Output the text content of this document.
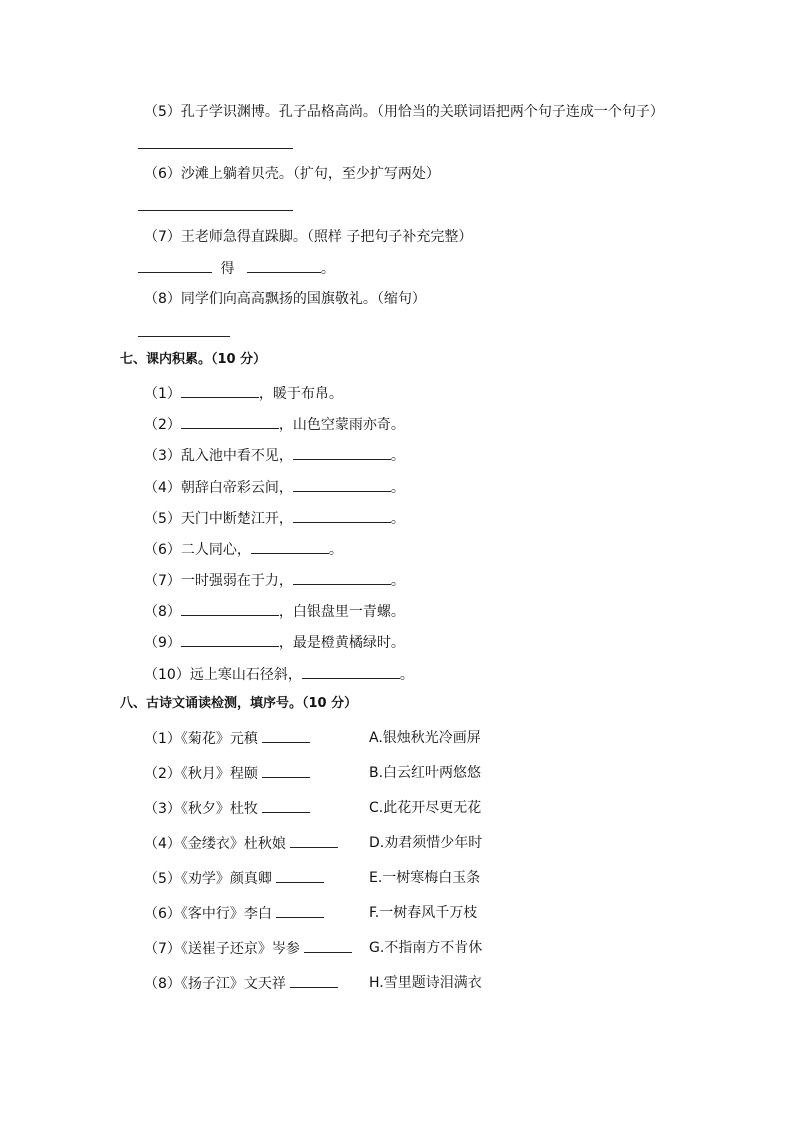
（5）孔子学识渊博。孔子品格高尚。（用恰当的关联词语把两个句子连成一个句子）
（6）沙滩上躺着贝壳。（扩句，至少扩写两处）
（7）王老师急得直跺脚。（照样 子把句子补充完整）
得	。
（8）同学们向高高飘扬的国旗敬礼。（缩句）
七、课内积累。（10 分）
（1）	，暖于布帛。
（2）	，山色空蒙雨亦奇。
（3）乱入池中看不见，	。
（4）朝辞白帝彩云间，	。
（5）天门中断楚江开，	。
（6）二人同心，	。
（7）一时强弱在于力，	。
（8）	，白银盘里一青螺。
（9）	，最是橙黄橘绿时。
（10）远上寒山石径斜，	。
八、古诗文诵读检测，填序号。（10 分）
（1）《菊花》元稹	A.银烛秋光冷画屏
（2）《秋月》程颐	B.白云红叶两悠悠
（3）《秋夕》杜牧	C.此花开尽更无花
（4）《金缕衣》杜秋娘	D.劝君须惜少年时
（5）《劝学》颜真卿	E.一树寒梅白玉条
（6）《客中行》李白	F.一树春风千万枝
（7）《送崔子还京》岑参	G.不指南方不肯休
（8）《扬子江》文天祥	H.雪里题诗泪满衣
